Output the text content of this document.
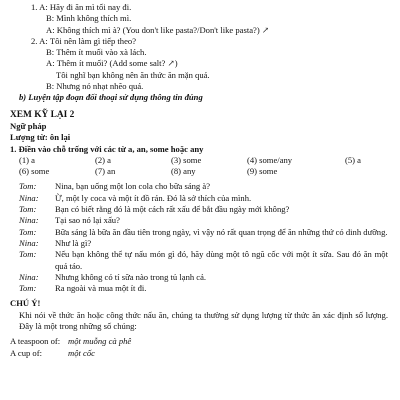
1. A:
Hãy đi ăn mì tối nay đi.
B:
Mình không thích mì.
A:
Không thích mì à? (You don't like pasta?/Don't like pasta?) ↗
2. A:
Tôi nên làm gì tiếp theo?
B:
Thêm ít muối vào xà lách.
A:
Thêm ít muối? (Add some salt? ↗)
Tôi nghĩ bạn không nên ăn thức ăn mặn quá.
B:
Nhưng nó nhạt nhẽo quá.
b) Luyện tập đoạn đối thoại sử dụng thông tin đúng
XEM KỸ LẠI 2
Ngữ pháp
Lượng từ: ôn lại
1. Điền vào chỗ trống với các từ a, an, some hoặc any
(1) a	(2) a	(3) some	(4) some/any	(5) a
(6) some	(7) an	(8) any	(9) some
Tom:	Nina, bạn uống một lon cola cho bữa sáng à?
Nina:	Ừ, một ly coca và một ít đồ rán. Đó là sở thích của mình.
Tom:	Bạn có biết rằng đó là một cách rất xấu để bắt đầu ngày mới không?
Nina:	Tại sao nó lại xấu?
Tom:	Bữa sáng là bữa ăn đầu tiên trong ngày, vì vậy nó rất quan trọng để ăn những thứ có dinh dưỡng.
Nina:	Như là gì?
Tom:	Nếu bạn không thể tự nấu món gì đó, hãy dùng một tô ngũ cốc với một ít sữa. Sau đó ăn một quả táo.
Nina:	Nhưng không có tí sữa nào trong tủ lạnh cả.
Tom:	Ra ngoài và mua một ít đi.
CHÚ Ý!
Khi nói về thức ăn hoặc công thức nấu ăn, chúng ta thường sử dụng lượng từ thức ăn xác định số lượng. Đây là một trong những số chúng:
A teaspoon of: một muỗng cà phê
A cup of:	một cốc
